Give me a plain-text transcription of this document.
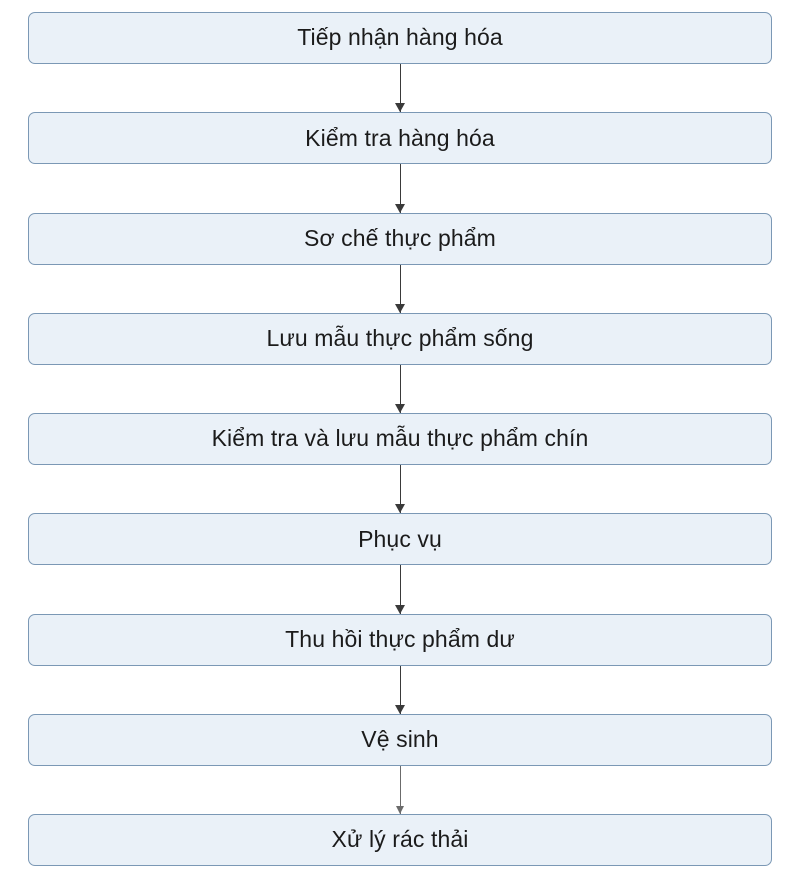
Tiếp nhận hàng hóa
Kiểm tra hàng hóa
Sơ chế thực phẩm
Lưu mẫu thực phẩm sống
Kiểm tra và lưu mẫu thực phẩm chín
Phục vụ
Thu hồi thực phẩm dư
Vệ sinh
Xử lý rác thải
